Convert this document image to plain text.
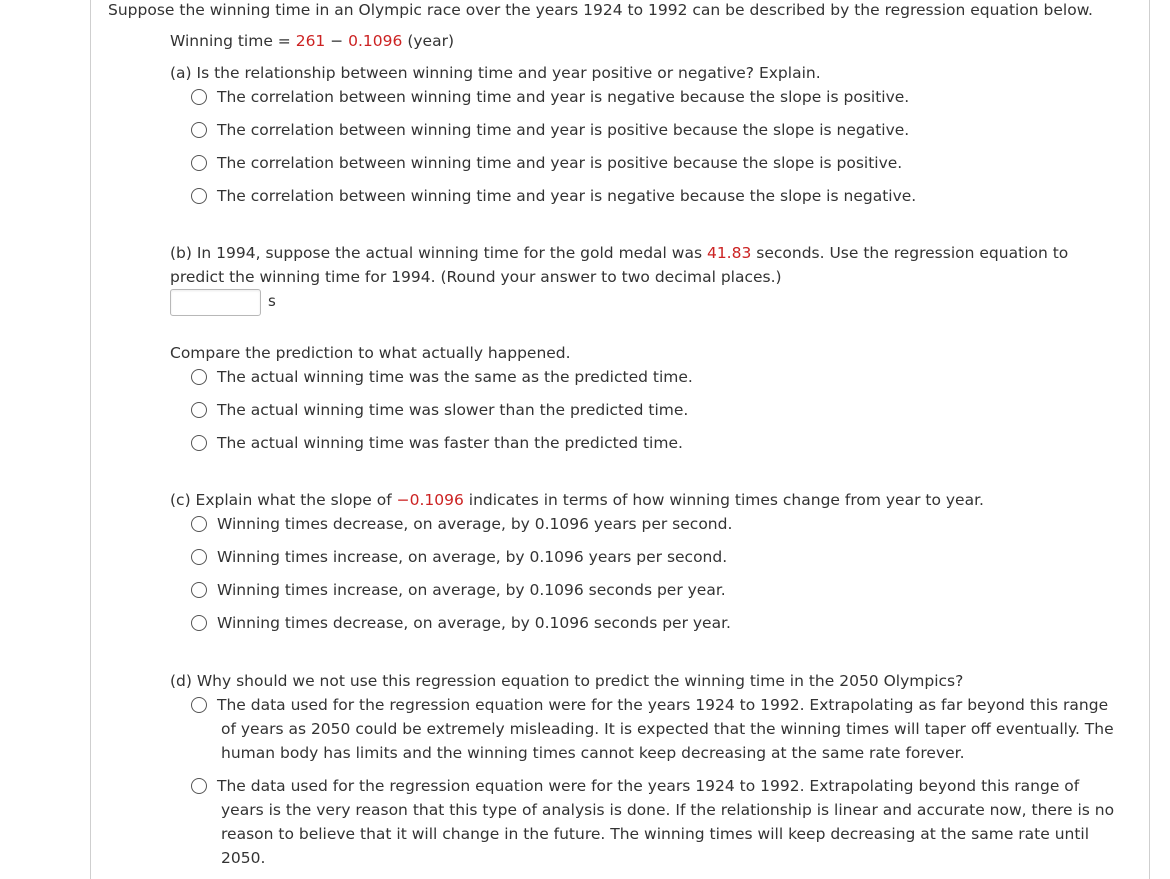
Suppose the winning time in an Olympic race over the years 1924 to 1992 can be described by the regression equation below.
Winning time = 261 − 0.1096 (year)
(a) Is the relationship between winning time and year positive or negative? Explain.
The correlation between winning time and year is negative because the slope is positive.
The correlation between winning time and year is positive because the slope is negative.
The correlation between winning time and year is positive because the slope is positive.
The correlation between winning time and year is negative because the slope is negative.
(b) In 1994, suppose the actual winning time for the gold medal was 41.83 seconds. Use the regression equation to
predict the winning time for 1994. (Round your answer to two decimal places.)
s
Compare the prediction to what actually happened.
The actual winning time was the same as the predicted time.
The actual winning time was slower than the predicted time.
The actual winning time was faster than the predicted time.
(c) Explain what the slope of −0.1096 indicates in terms of how winning times change from year to year.
Winning times decrease, on average, by 0.1096 years per second.
Winning times increase, on average, by 0.1096 years per second.
Winning times increase, on average, by 0.1096 seconds per year.
Winning times decrease, on average, by 0.1096 seconds per year.
(d) Why should we not use this regression equation to predict the winning time in the 2050 Olympics?
The data used for the regression equation were for the years 1924 to 1992. Extrapolating as far beyond this range
of years as 2050 could be extremely misleading. It is expected that the winning times will taper off eventually. The
human body has limits and the winning times cannot keep decreasing at the same rate forever.
The data used for the regression equation were for the years 1924 to 1992. Extrapolating beyond this range of
years is the very reason that this type of analysis is done. If the relationship is linear and accurate now, there is no
reason to believe that it will change in the future. The winning times will keep decreasing at the same rate until
2050.
